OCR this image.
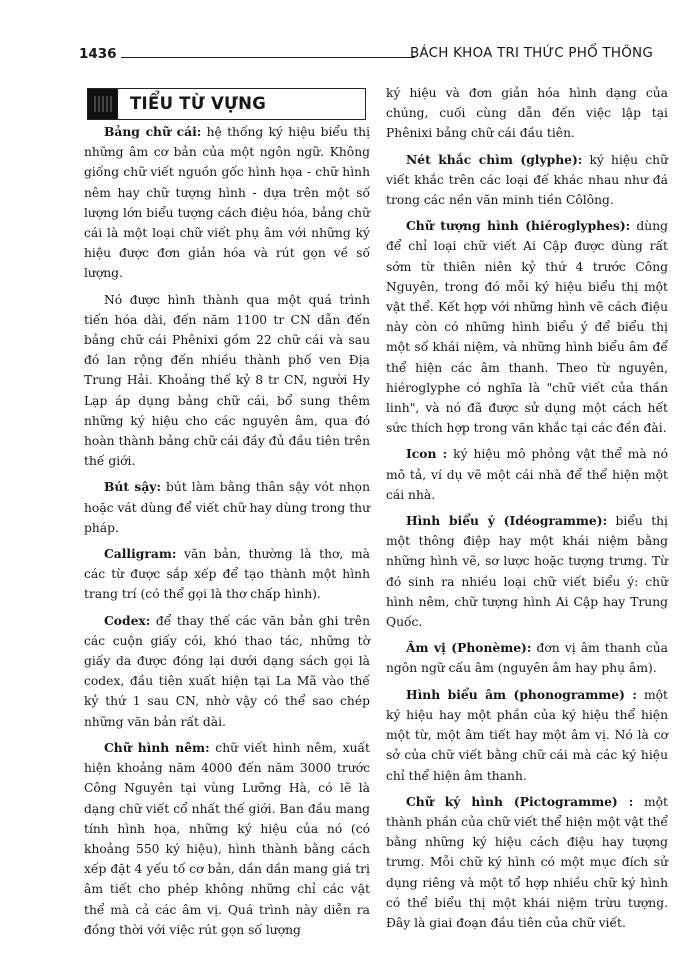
1436	BÁCH KHOA TRI THỨC PHỔ THÔNG
TIỂU TỪ VỰNG

Bảng chữ cái: hệ thống ký hiệu biểu thị những âm cơ bản của một ngôn ngữ. Không giống chữ viết nguồn gốc hình họa - chữ hình nêm hay chữ tượng hình - dựa trên một số lượng lớn biểu tượng cách điệu hóa, bảng chữ cái là một loại chữ viết phụ âm với những ký hiệu được đơn giản hóa và rút gọn về số lượng.

Nó được hình thành qua một quá trình tiến hóa dài, đến năm 1100 tr CN dẫn đến bảng chữ cái Phênixi gồm 22 chữ cái và sau đó lan rộng đến nhiều thành phố ven Địa Trung Hải. Khoảng thế kỷ 8 tr CN, người Hy Lạp áp dụng bảng chữ cái, bổ sung thêm những ký hiệu cho các nguyên âm, qua đó hoàn thành bảng chữ cái đầy đủ đầu tiên trên thế giới.

Bút sậy: bút làm bằng thân sậy vót nhọn hoặc vát dùng để viết chữ hay dùng trong thư pháp.

Calligram: văn bản, thường là thơ, mà các từ được sắp xếp để tạo thành một hình trang trí (có thể gọi là thơ chấp hình).

Codex: để thay thế các văn bản ghi trên các cuộn giấy cói, khó thao tác, những tờ giấy da được đóng lại dưới dạng sách gọi là codex, đầu tiên xuất hiện tại La Mã vào thế kỷ thứ 1 sau CN, nhờ vậy có thể sao chép những văn bản rất dài.

Chữ hình nêm: chữ viết hình nêm, xuất hiện khoảng năm 4000 đến năm 3000 trước Công Nguyên tại vùng Lưỡng Hà, có lẽ là dạng chữ viết cổ nhất thế giới. Ban đầu mang tính hình họa, những ký hiệu của nó (có khoảng 550 ký hiệu), hình thành bằng cách xếp đặt 4 yếu tố cơ bản, dần dần mang giá trị âm tiết cho phép không những chỉ các vật thể mà cả các âm vị. Quá trình này diễn ra đồng thời với việc rút gọn số lượng

ký hiệu và đơn giản hóa hình dạng của chúng, cuối cùng dẫn đến việc lập tại Phênixi bảng chữ cái đầu tiên.

Nét khắc chìm (glyphe): ký hiệu chữ viết khắc trên các loại đế khác nhau như đá trong các nền văn minh tiền Côlông.

Chữ tượng hình (hiéroglyphes): dùng để chỉ loại chữ viết Ai Cập được dùng rất sớm từ thiên niên kỷ thứ 4 trước Công Nguyên, trong đó mỗi ký hiệu biểu thị một vật thể. Kết hợp với những hình vẽ cách điệu này còn có những hình biểu ý để biểu thị một số khái niệm, và những hình biểu âm để thể hiện các âm thanh. Theo từ nguyên, hiéroglyphe có nghĩa là "chữ viết của thần linh", và nó đã được sử dụng một cách hết sức thích hợp trong văn khắc tại các đền đài.

Icon : ký hiệu mô phỏng vật thể mà nó mô tả, ví dụ vẽ một cái nhà để thể hiện một cái nhà.

Hình biểu ý (Idéogramme): biểu thị một thông điệp hay một khái niệm bằng những hình vẽ, sơ lược hoặc tượng trưng. Từ đó sinh ra nhiều loại chữ viết biểu ý: chữ hình nêm, chữ tượng hình Ai Cập hay Trung Quốc.

Âm vị (Phonème): đơn vị âm thanh của ngôn ngữ cấu âm (nguyên âm hay phụ âm).

Hình biểu âm (phonogramme) : một ký hiệu hay một phần của ký hiệu thể hiện một từ, một âm tiết hay một âm vị. Nó là cơ sở của chữ viết bằng chữ cái mà các ký hiệu chỉ thể hiện âm thanh.

Chữ ký hình (Pictogramme) : một thành phần của chữ viết thể hiện một vật thể bằng những ký hiệu cách điệu hay tượng trưng. Mỗi chữ ký hình có một mục đích sử dụng riêng và một tổ hợp nhiều chữ ký hình có thể biểu thị một khái niệm trừu tượng. Đây là giai đoạn đầu tiên của chữ viết.
